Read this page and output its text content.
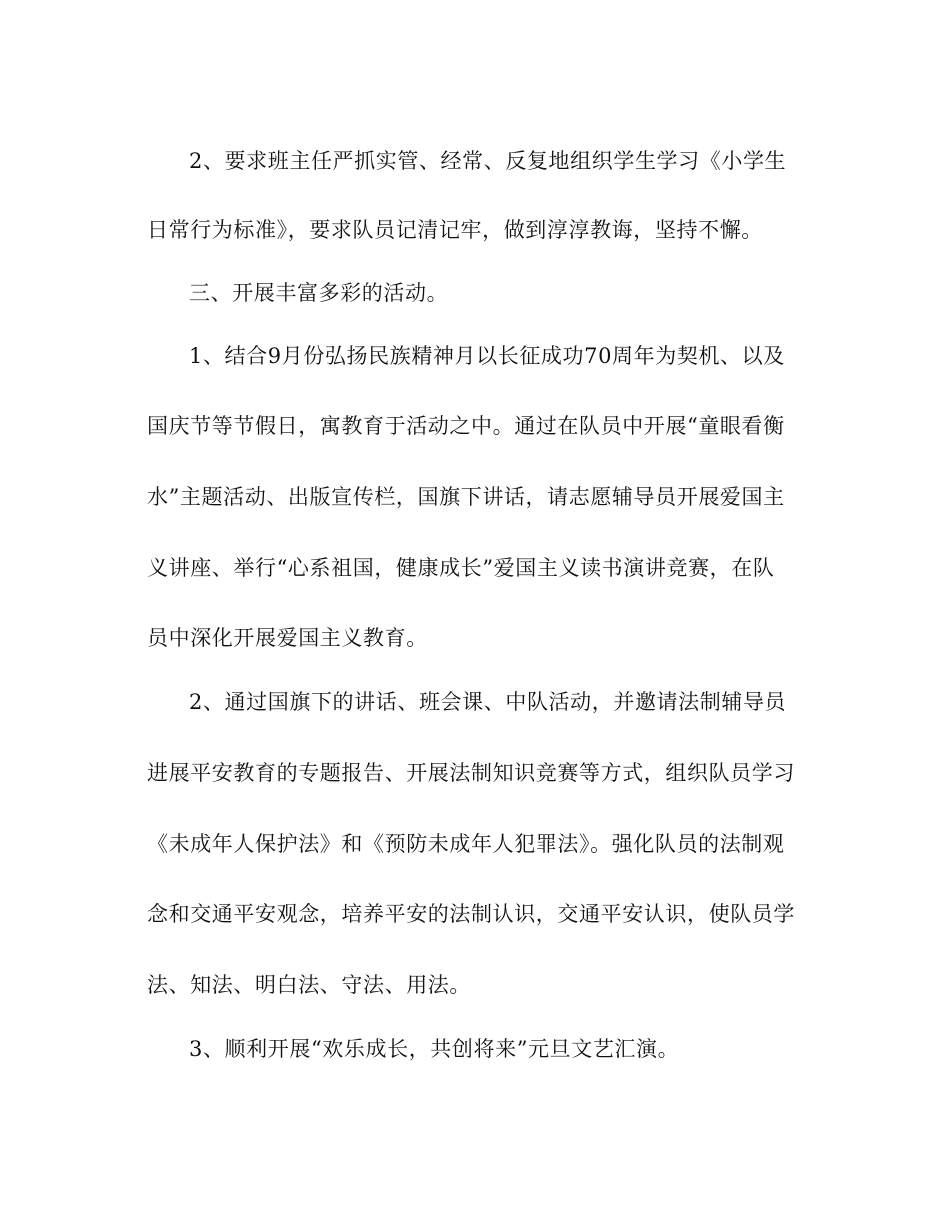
2、要求班主任严抓实管、经常、反复地组织学生学习《小学生
日常行为标准》，要求队员记清记牢，做到淳淳教诲，坚持不懈。
三、开展丰富多彩的活动。
1、结合9月份弘扬民族精神月以长征成功70周年为契机、以及
国庆节等节假日，寓教育于活动之中。通过在队员中开展“童眼看衡
水”主题活动、出版宣传栏，国旗下讲话，请志愿辅导员开展爱国主
义讲座、举行“心系祖国，健康成长”爱国主义读书演讲竞赛，在队
员中深化开展爱国主义教育。
2、通过国旗下的讲话、班会课、中队活动，并邀请法制辅导员
进展平安教育的专题报告、开展法制知识竞赛等方式，组织队员学习
《未成年人保护法》和《预防未成年人犯罪法》。强化队员的法制观
念和交通平安观念，培养平安的法制认识，交通平安认识，使队员学
法、知法、明白法、守法、用法。
3、顺利开展“欢乐成长，共创将来”元旦文艺汇演。
